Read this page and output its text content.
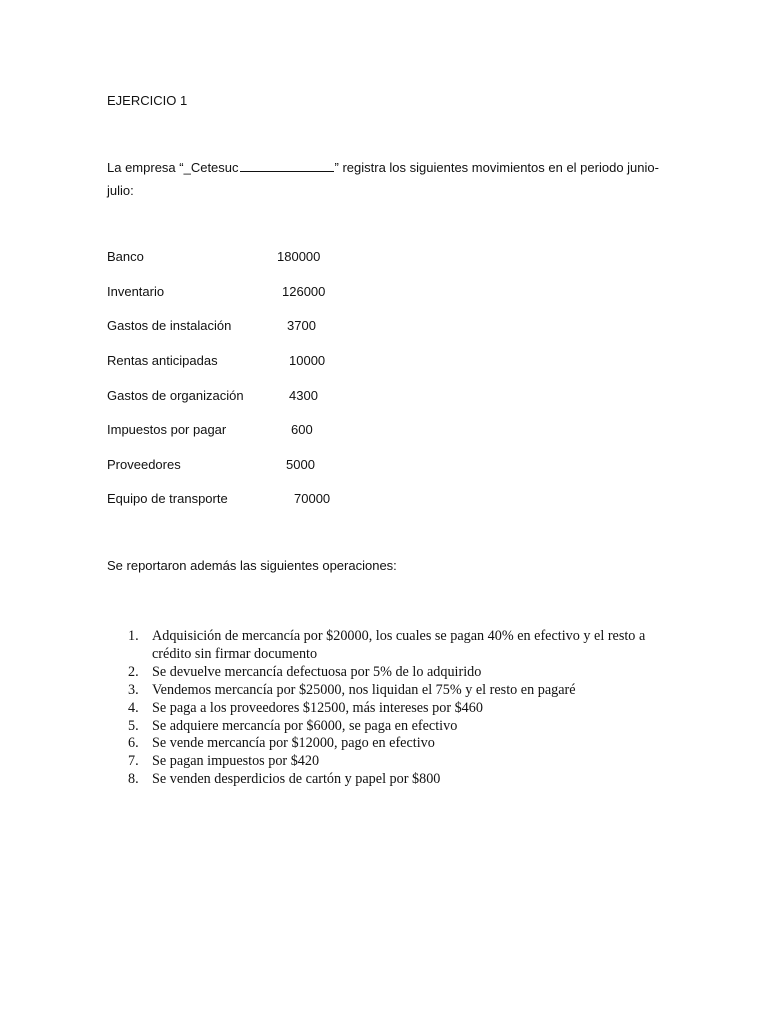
EJERCICIO 1

La empresa “_Cetesuc	” registra los siguientes movimientos en el periodo junio-julio:

Banco	180000
Inventario	126000
Gastos de instalación	3700
Rentas anticipadas	10000
Gastos de organización	4300
Impuestos por pagar	600
Proveedores	5000
Equipo de transporte	70000

Se reportaron además las siguientes operaciones:

1. Adquisición de mercancía por $20000, los cuales se pagan 40% en efectivo y el resto a crédito sin firmar documento
2. Se devuelve mercancía defectuosa por 5% de lo adquirido
3. Vendemos mercancía por $25000, nos liquidan el 75% y el resto en pagaré
4. Se paga a los proveedores $12500, más intereses por $460
5. Se adquiere mercancía por $6000, se paga en efectivo
6. Se vende mercancía por $12000, pago en efectivo
7. Se pagan impuestos por $420
8. Se venden desperdicios de cartón y papel por $800
